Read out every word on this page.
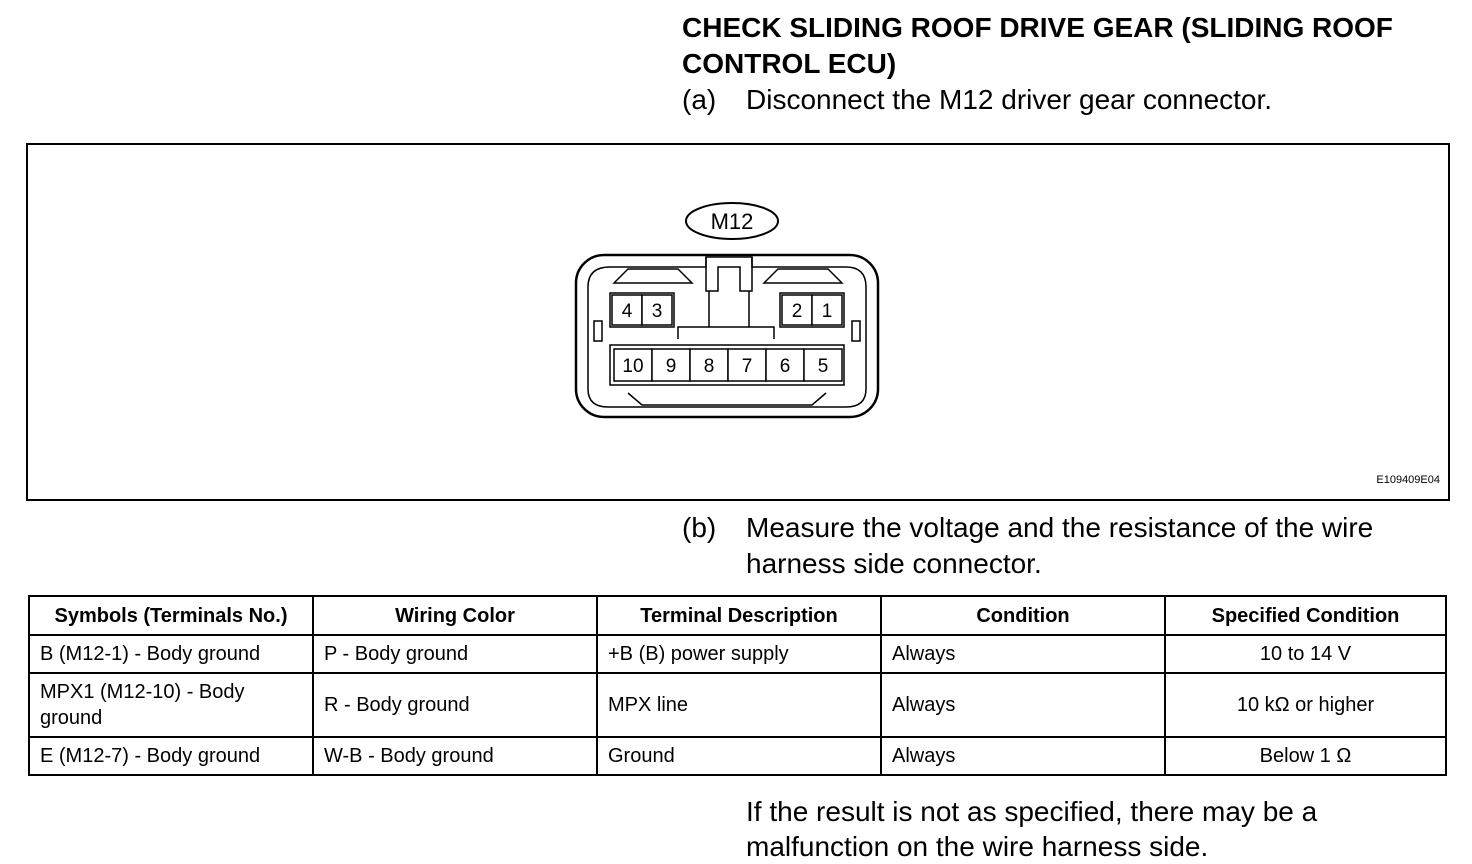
CHECK SLIDING ROOF DRIVE GEAR (SLIDING ROOF CONTROL ECU)
(a)	Disconnect the M12 driver gear connector.
M12
4 3	2 1
10 9 8 7 6 5
E109409E04
(b)	Measure the voltage and the resistance of the wire harness side connector.
Symbols (Terminals No.)	Wiring Color	Terminal Description	Condition	Specified Condition
B (M12-1) - Body ground	P - Body ground	+B (B) power supply	Always	10 to 14 V
MPX1 (M12-10) - Body ground	R - Body ground	MPX line	Always	10 kΩ or higher
E (M12-7) - Body ground	W-B - Body ground	Ground	Always	Below 1 Ω
If the result is not as specified, there may be a malfunction on the wire harness side.
